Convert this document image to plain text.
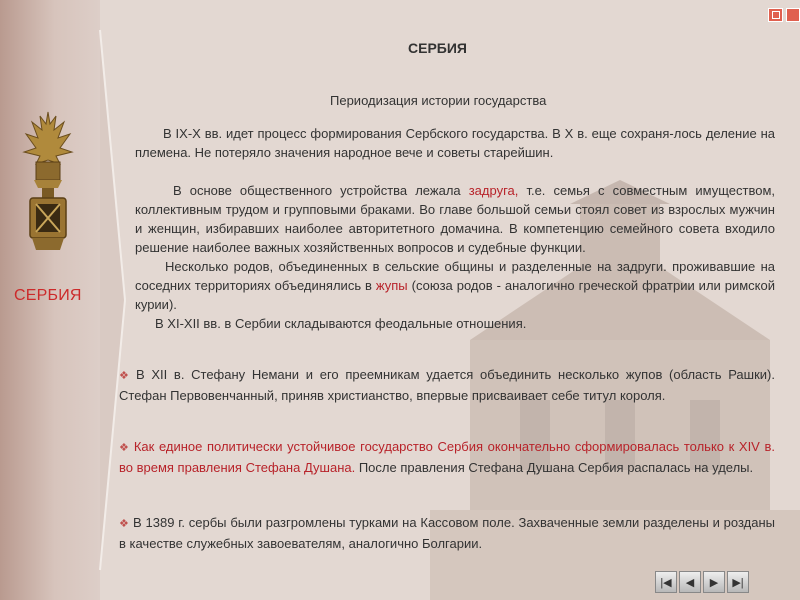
СЕРБИЯ
СЕРБИЯ
Периодизация истории государства

В IX-X вв. идет процесс формирования Сербского государства. В X в. еще сохраня-лось деление на племена. Не потеряло значения народное вече и советы старейшин.

В основе общественного устройства лежала задруга, т.е. семья с совместным имуществом, коллективным трудом и групповыми браками. Во главе большой семьи стоял совет из взрослых мужчин и женщин, избиравших наиболее авторитетного домачина. В компетенцию семейного совета входило решение наиболее важных хозяйственных вопросов и судебные функции.

Несколько родов, объединенных в сельские общины и разделенные на задруги. проживавшие на соседних территориях объединялись в жупы (союза родов - аналогично греческой фратрии или римской курии).

В XI-XII вв. в Сербии складываются феодальные отношения.

❖ В XII в. Стефану Немани и его преемникам удается объединить несколько жупов (область Рашки). Стефан Первовенчанный, приняв христианство, впервые присваивает себе титул короля.
❖ Как единое политически устойчивое государство Сербия окончательно сформировалась только к XIV в. во время правления Стефана Душана. После правления Стефана Душана Сербия распалась на уделы.
❖ В 1389 г. сербы были разгромлены турками на Кассовом поле. Захваченные земли разделены и розданы в качестве служебных завоевателям, аналогично Болгарии.
|◀	◀	▶	▶|
